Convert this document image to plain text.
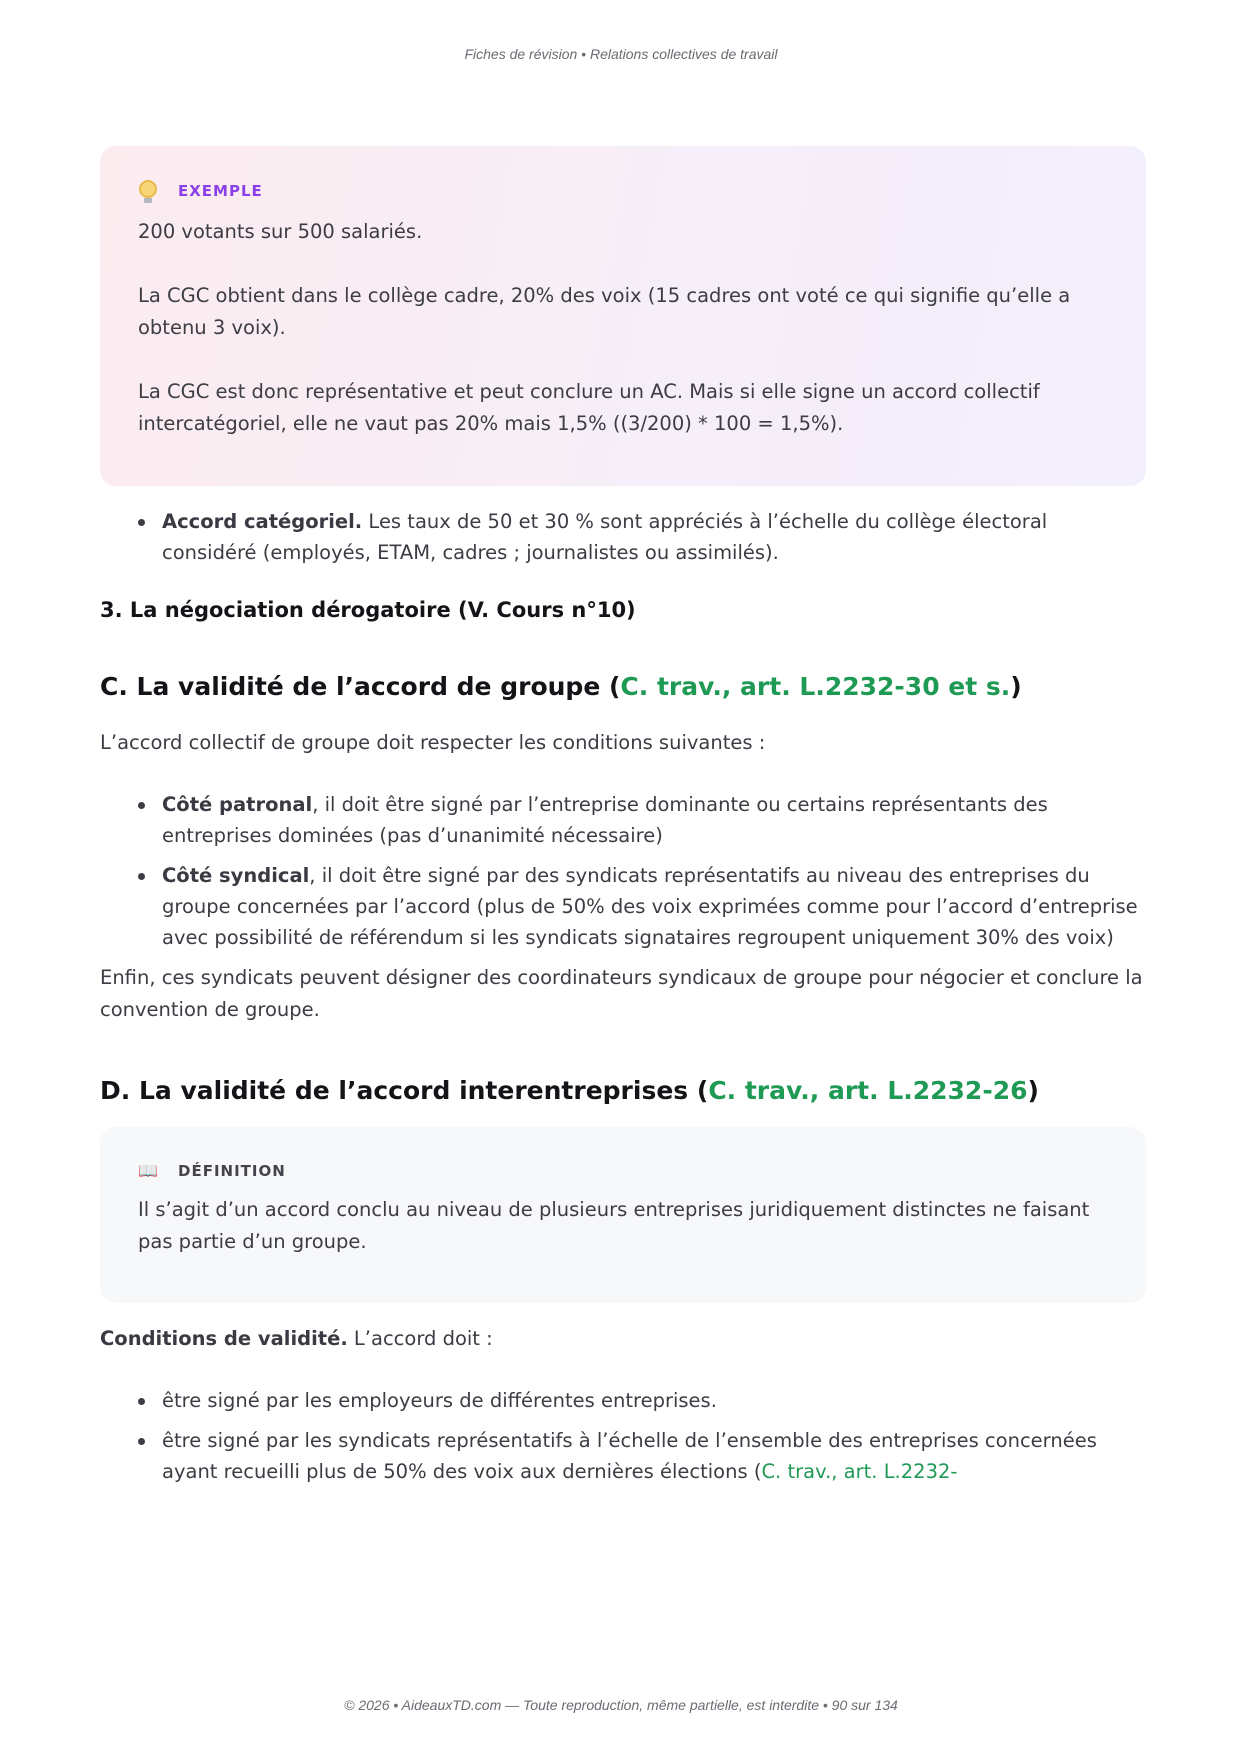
Fiches de révision • Relations collectives de travail
EXEMPLE

200 votants sur 500 salariés.

La CGC obtient dans le collège cadre, 20% des voix (15 cadres ont voté ce qui signifie qu’elle a obtenu 3 voix).

La CGC est donc représentative et peut conclure un AC. Mais si elle signe un accord collectif intercatégoriel, elle ne vaut pas 20% mais 1,5% ((3/200) * 100 = 1,5%).

Accord catégoriel. Les taux de 50 et 30 % sont appréciés à l’échelle du collège électoral considéré (employés, ETAM, cadres ; journalistes ou assimilés).

3. La négociation dérogatoire (V. Cours n°10)

C. La validité de l’accord de groupe (C. trav., art. L.2232-30 et s.)

L’accord collectif de groupe doit respecter les conditions suivantes :

Côté patronal, il doit être signé par l’entreprise dominante ou certains représentants des entreprises dominées (pas d’unanimité nécessaire)
Côté syndical, il doit être signé par des syndicats représentatifs au niveau des entreprises du groupe concernées par l’accord (plus de 50% des voix exprimées comme pour l’accord d’entreprise avec possibilité de référendum si les syndicats signataires regroupent uniquement 30% des voix)

Enfin, ces syndicats peuvent désigner des coordinateurs syndicaux de groupe pour négocier et conclure la convention de groupe.

D. La validité de l’accord interentreprises (C. trav., art. L.2232-26)

📖 DÉFINITION

Il s’agit d’un accord conclu au niveau de plusieurs entreprises juridiquement distinctes ne faisant pas partie d’un groupe.

Conditions de validité. L’accord doit :

être signé par les employeurs de différentes entreprises.
être signé par les syndicats représentatifs à l’échelle de l’ensemble des entreprises concernées ayant recueilli plus de 50% des voix aux dernières élections (C. trav., art. L.2232-
© 2026 • AideauxTD.com — Toute reproduction, même partielle, est interdite • 90 sur 134
